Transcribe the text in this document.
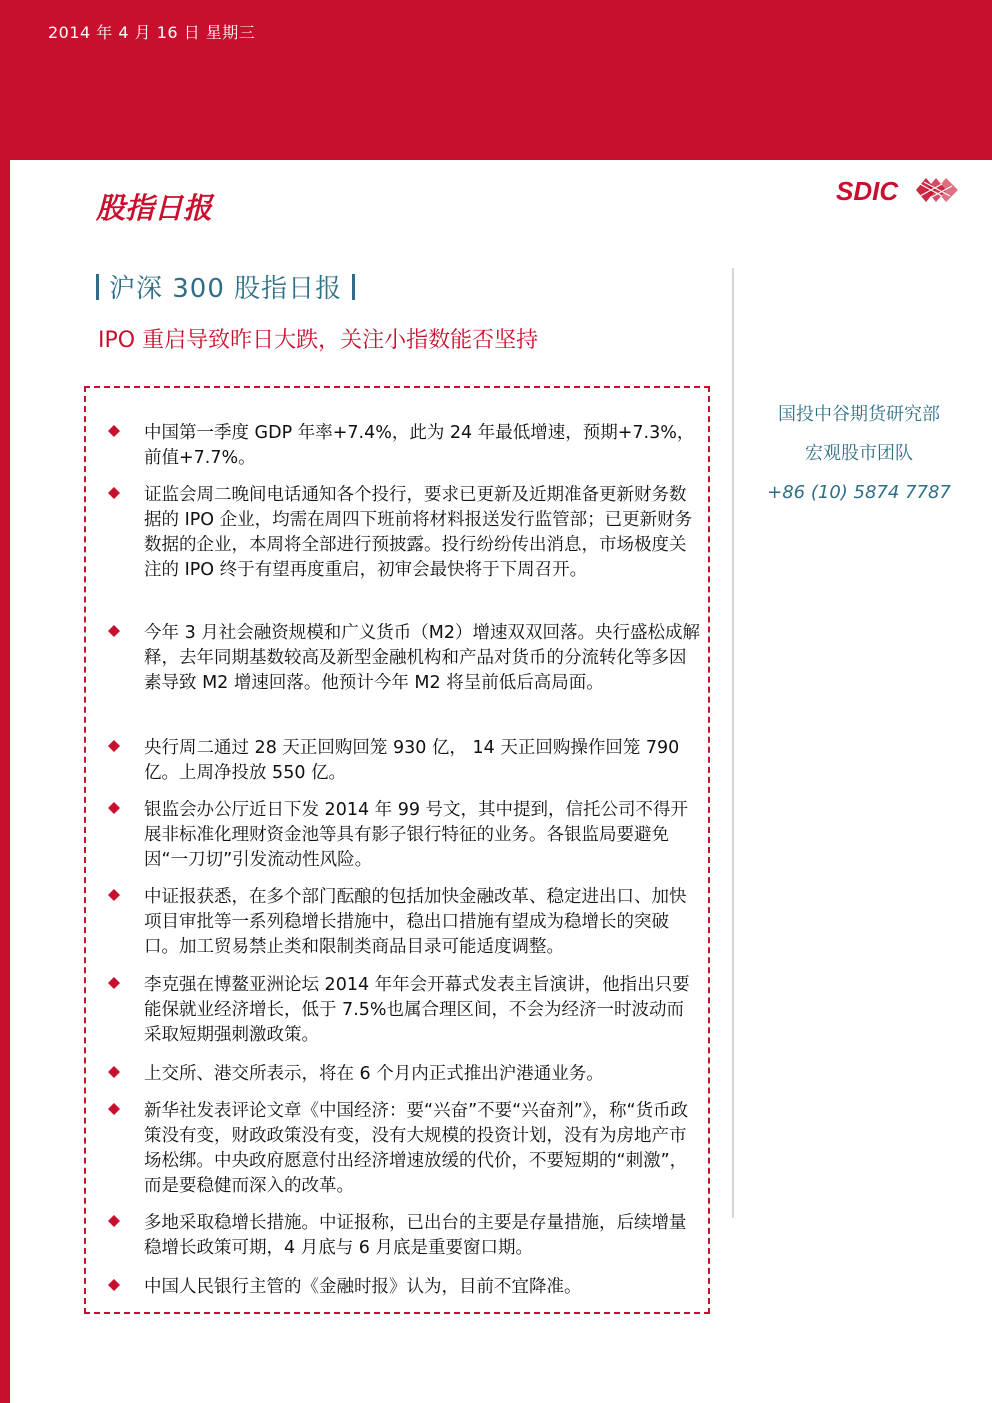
2014 年 4 月 16 日 星期三
股指日报	SDIC
沪深 300 股指日报
IPO 重启导致昨日大跌，关注小指数能否坚持
国投中谷期货研究部
宏观股市团队
+86 (10) 5874 7787
中国第一季度 GDP 年率+7.4%，此为 24 年最低增速，预期+7.3%，前值+7.7%。
证监会周二晚间电话通知各个投行，要求已更新及近期准备更新财务数据的 IPO 企业，均需在周四下班前将材料报送发行监管部；已更新财务数据的企业，本周将全部进行预披露。投行纷纷传出消息，市场极度关注的 IPO 终于有望再度重启，初审会最快将于下周召开。
今年 3 月社会融资规模和广义货币（M2）增速双双回落。央行盛松成解释，去年同期基数较高及新型金融机构和产品对货币的分流转化等多因素导致 M2 增速回落。他预计今年 M2 将呈前低后高局面。
央行周二通过 28 天正回购回笼 930 亿， 14 天正回购操作回笼 790 亿。上周净投放 550 亿。
银监会办公厅近日下发 2014 年 99 号文，其中提到，信托公司不得开展非标准化理财资金池等具有影子银行特征的业务。各银监局要避免因“一刀切”引发流动性风险。
中证报获悉，在多个部门酝酿的包括加快金融改革、稳定进出口、加快项目审批等一系列稳增长措施中，稳出口措施有望成为稳增长的突破口。加工贸易禁止类和限制类商品目录可能适度调整。
李克强在博鳌亚洲论坛 2014 年年会开幕式发表主旨演讲，他指出只要能保就业经济增长，低于 7.5%也属合理区间，不会为经济一时波动而采取短期强刺激政策。
上交所、港交所表示，将在 6 个月内正式推出沪港通业务。
新华社发表评论文章《中国经济：要“兴奋”不要“兴奋剂”》，称“货币政策没有变，财政政策没有变，没有大规模的投资计划，没有为房地产市场松绑。中央政府愿意付出经济增速放缓的代价，不要短期的“刺激”，而是要稳健而深入的改革。
多地采取稳增长措施。中证报称，已出台的主要是存量措施，后续增量稳增长政策可期，4 月底与 6 月底是重要窗口期。
中国人民银行主管的《金融时报》认为，目前不宜降准。
